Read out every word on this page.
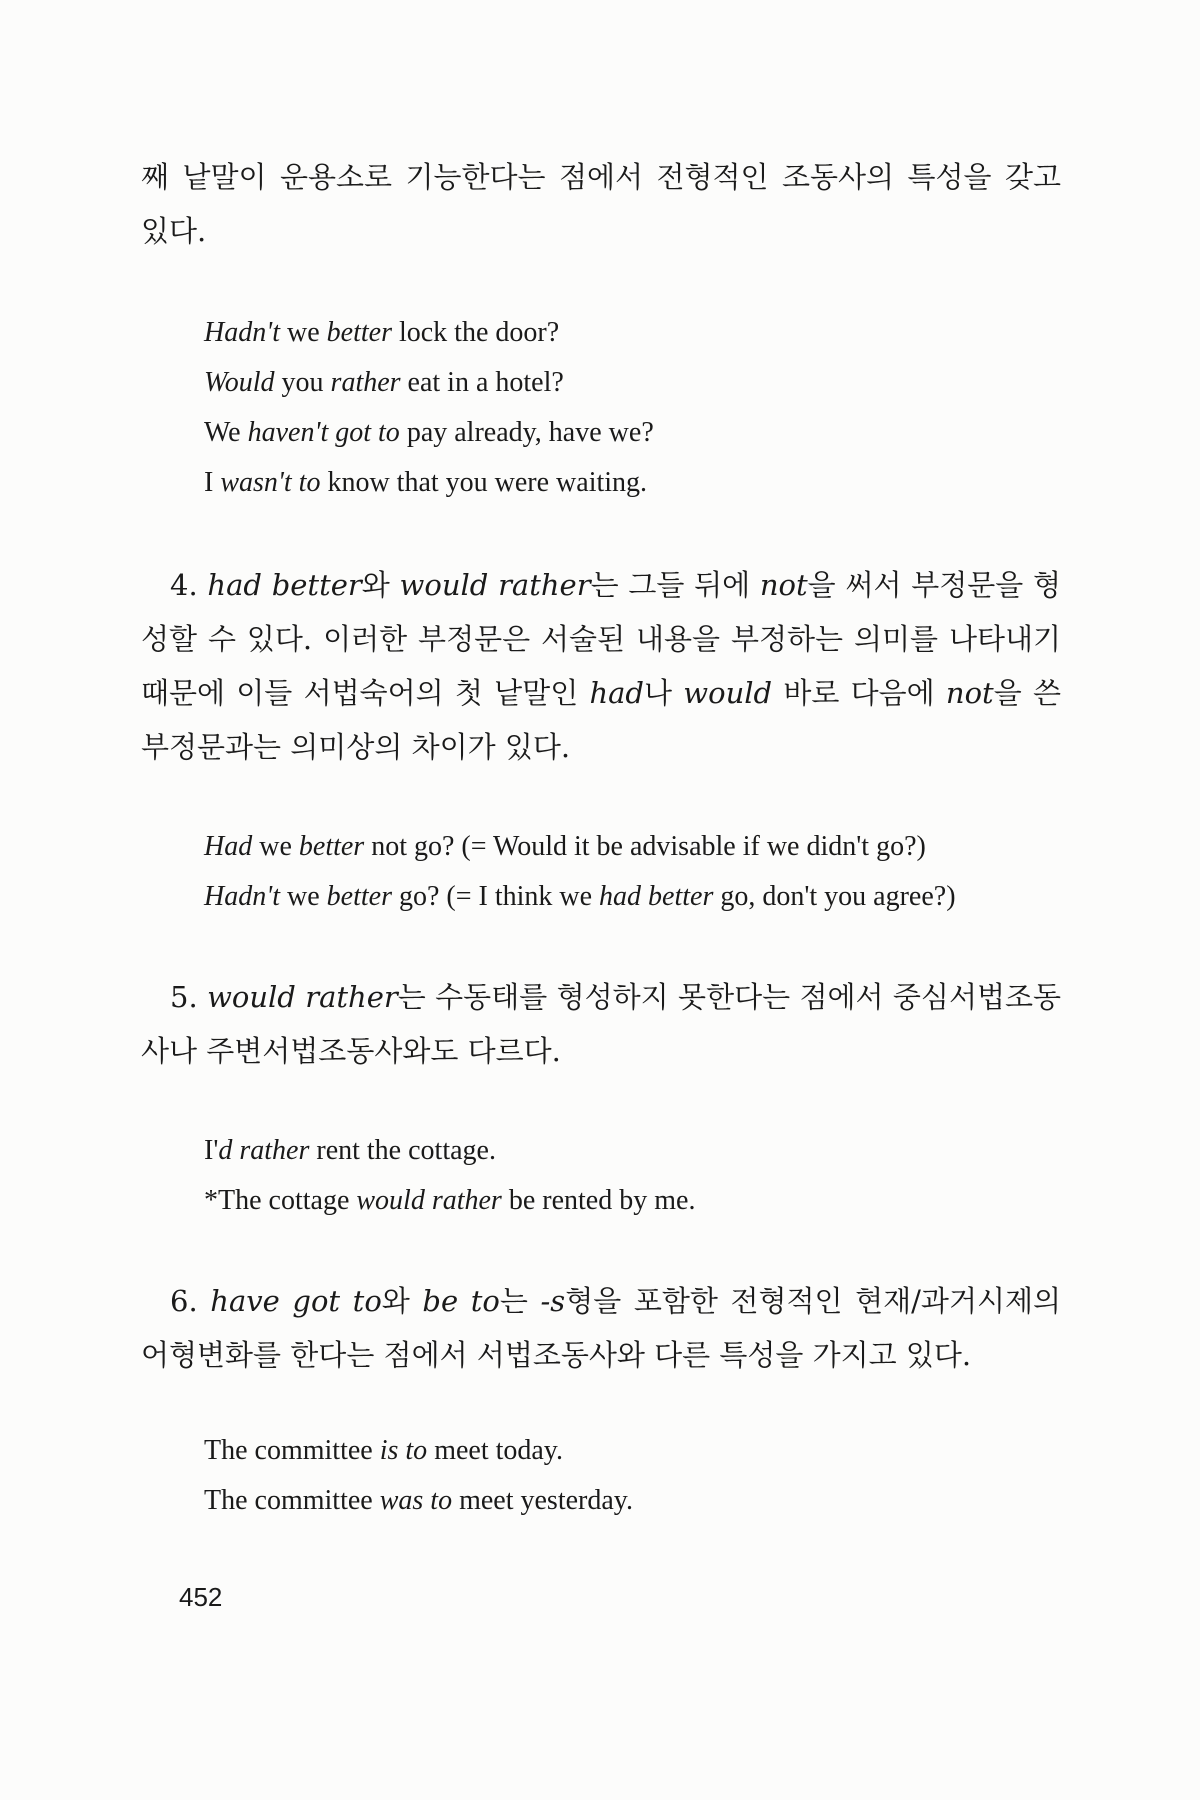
째 낱말이 운용소로 기능한다는 점에서 전형적인 조동사의 특성을 갖고 있다.

Hadn't we better lock the door?
Would you rather eat in a hotel?
We haven't got to pay already, have we?
I wasn't to know that you were waiting.

4. had better와 would rather는 그들 뒤에 not을 써서 부정문을 형성할 수 있다. 이러한 부정문은 서술된 내용을 부정하는 의미를 나타내기 때문에 이들 서법숙어의 첫 낱말인 had나 would 바로 다음에 not을 쓴 부정문과는 의미상의 차이가 있다.

Had we better not go? (= Would it be advisable if we didn't go?)
Hadn't we better go? (= I think we had better go, don't you agree?)

5. would rather는 수동태를 형성하지 못한다는 점에서 중심서법조동사나 주변서법조동사와도 다르다.

I'd rather rent the cottage.
*The cottage would rather be rented by me.

6. have got to와 be to는 -s형을 포함한 전형적인 현재/과거시제의 어형변화를 한다는 점에서 서법조동사와 다른 특성을 가지고 있다.

The committee is to meet today.
The committee was to meet yesterday.
452
